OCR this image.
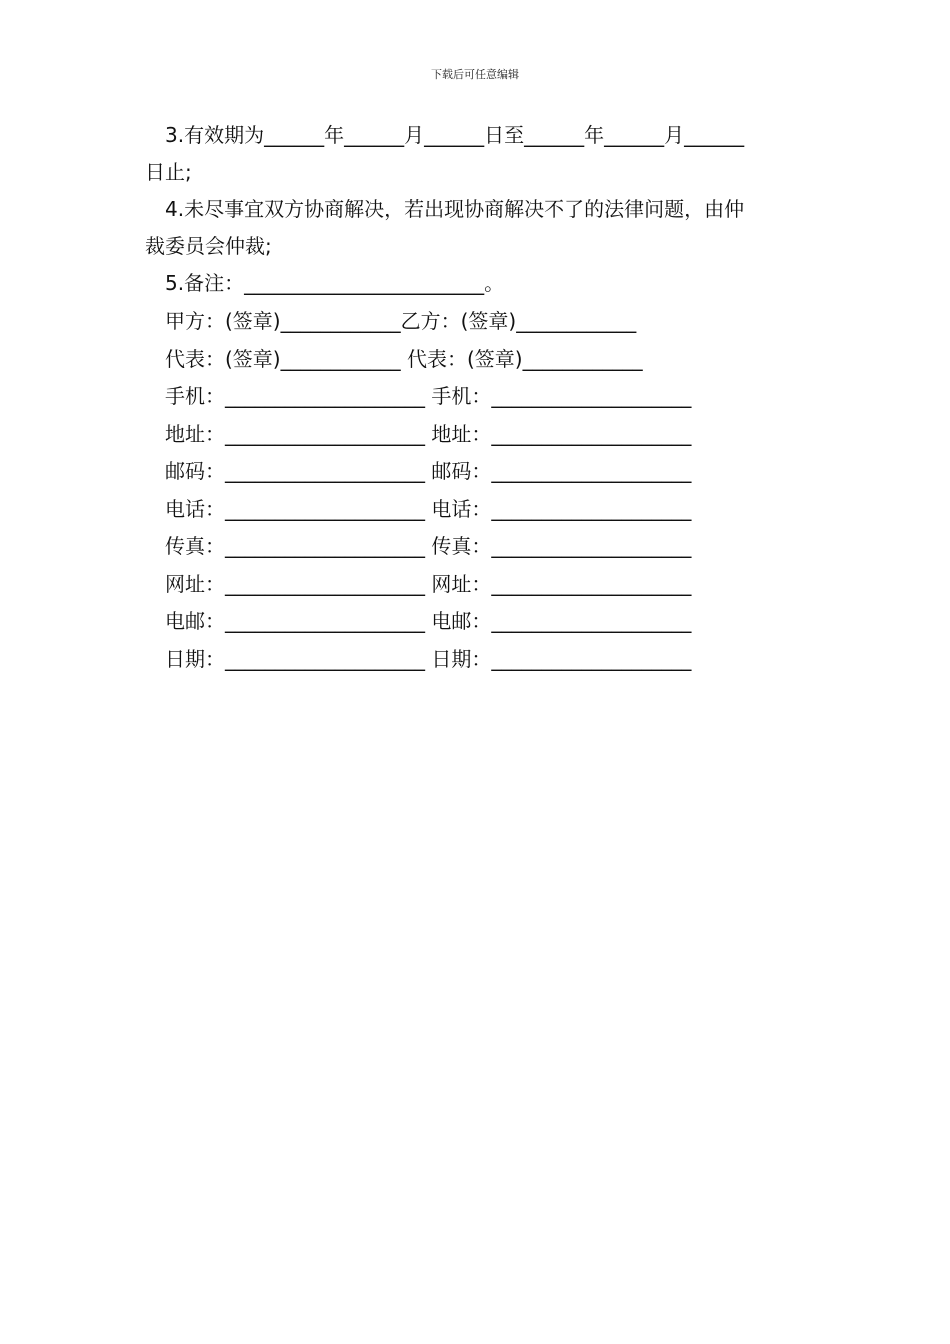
下载后可任意编辑
3.有效期为______年______月______日至______年______月______
日止;
4.未尽事宜双方协商解决，若出现协商解决不了的法律问题，由仲
裁委员会仲裁;
5.备注：________________________。
甲方：(签章)____________乙方：(签章)____________
代表：(签章)____________ 代表：(签章)____________
手机：____________________ 手机：____________________
地址：____________________ 地址：____________________
邮码：____________________ 邮码：____________________
电话：____________________ 电话：____________________
传真：____________________ 传真：____________________
网址：____________________ 网址：____________________
电邮：____________________ 电邮：____________________
日期：____________________ 日期：____________________
